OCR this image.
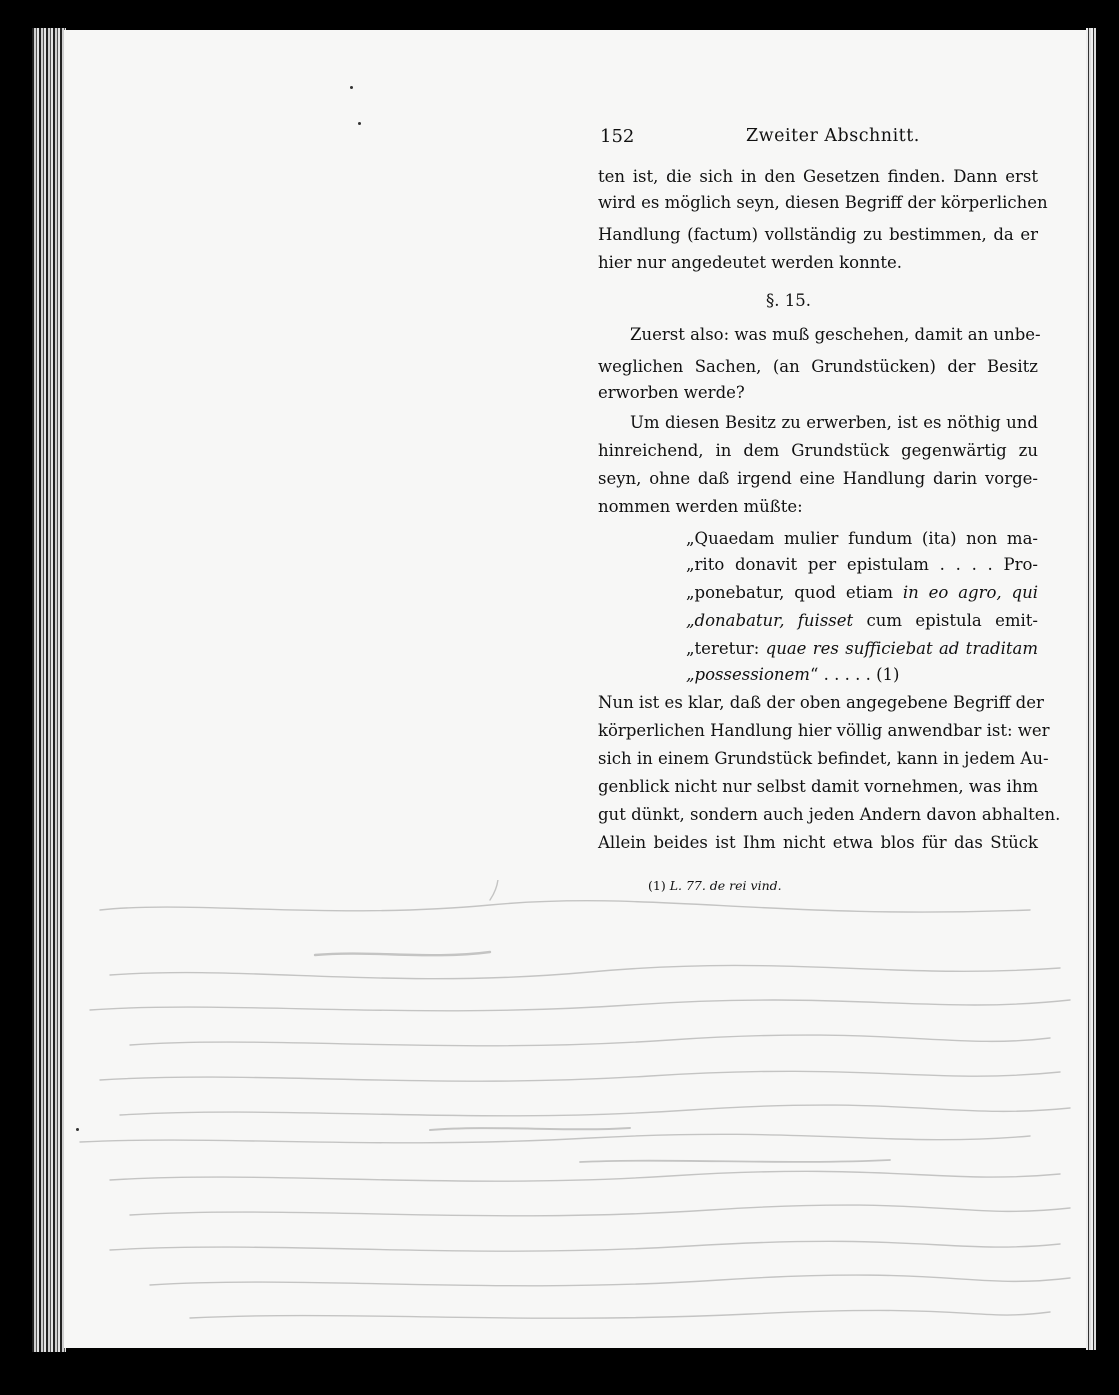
152	Zweiter Abschnitt.
ten ist, die sich in den Gesetzen finden. Dann erst
wird es möglich seyn, diesen Begriff der körperlichen
Handlung (factum) vollständig zu bestimmen, da er
hier nur angedeutet werden konnte.
§. 15.
Zuerst also: was muß geschehen, damit an unbe-
weglichen Sachen, (an Grundstücken) der Besitz
erworben werde?
Um diesen Besitz zu erwerben, ist es nöthig und
hinreichend, in dem Grundstück gegenwärtig zu
seyn, ohne daß irgend eine Handlung darin vorge-
nommen werden müßte:
„Quaedam mulier fundum (ita) non ma-
„rito donavit per epistulam . . . . Pro-
„ponebatur, quod etiam in eo agro, qui
„donabatur, fuisset cum epistula emit-
„teretur: quae res sufficiebat ad traditam
„possessionem“ . . . . . (1)
Nun ist es klar, daß der oben angegebene Begriff der
körperlichen Handlung hier völlig anwendbar ist: wer
sich in einem Grundstück befindet, kann in jedem Au-
genblick nicht nur selbst damit vornehmen, was ihm
gut dünkt, sondern auch jeden Andern davon abhalten.
Allein beides ist Ihm nicht etwa blos für das Stück
(1) L. 77. de rei vind.
